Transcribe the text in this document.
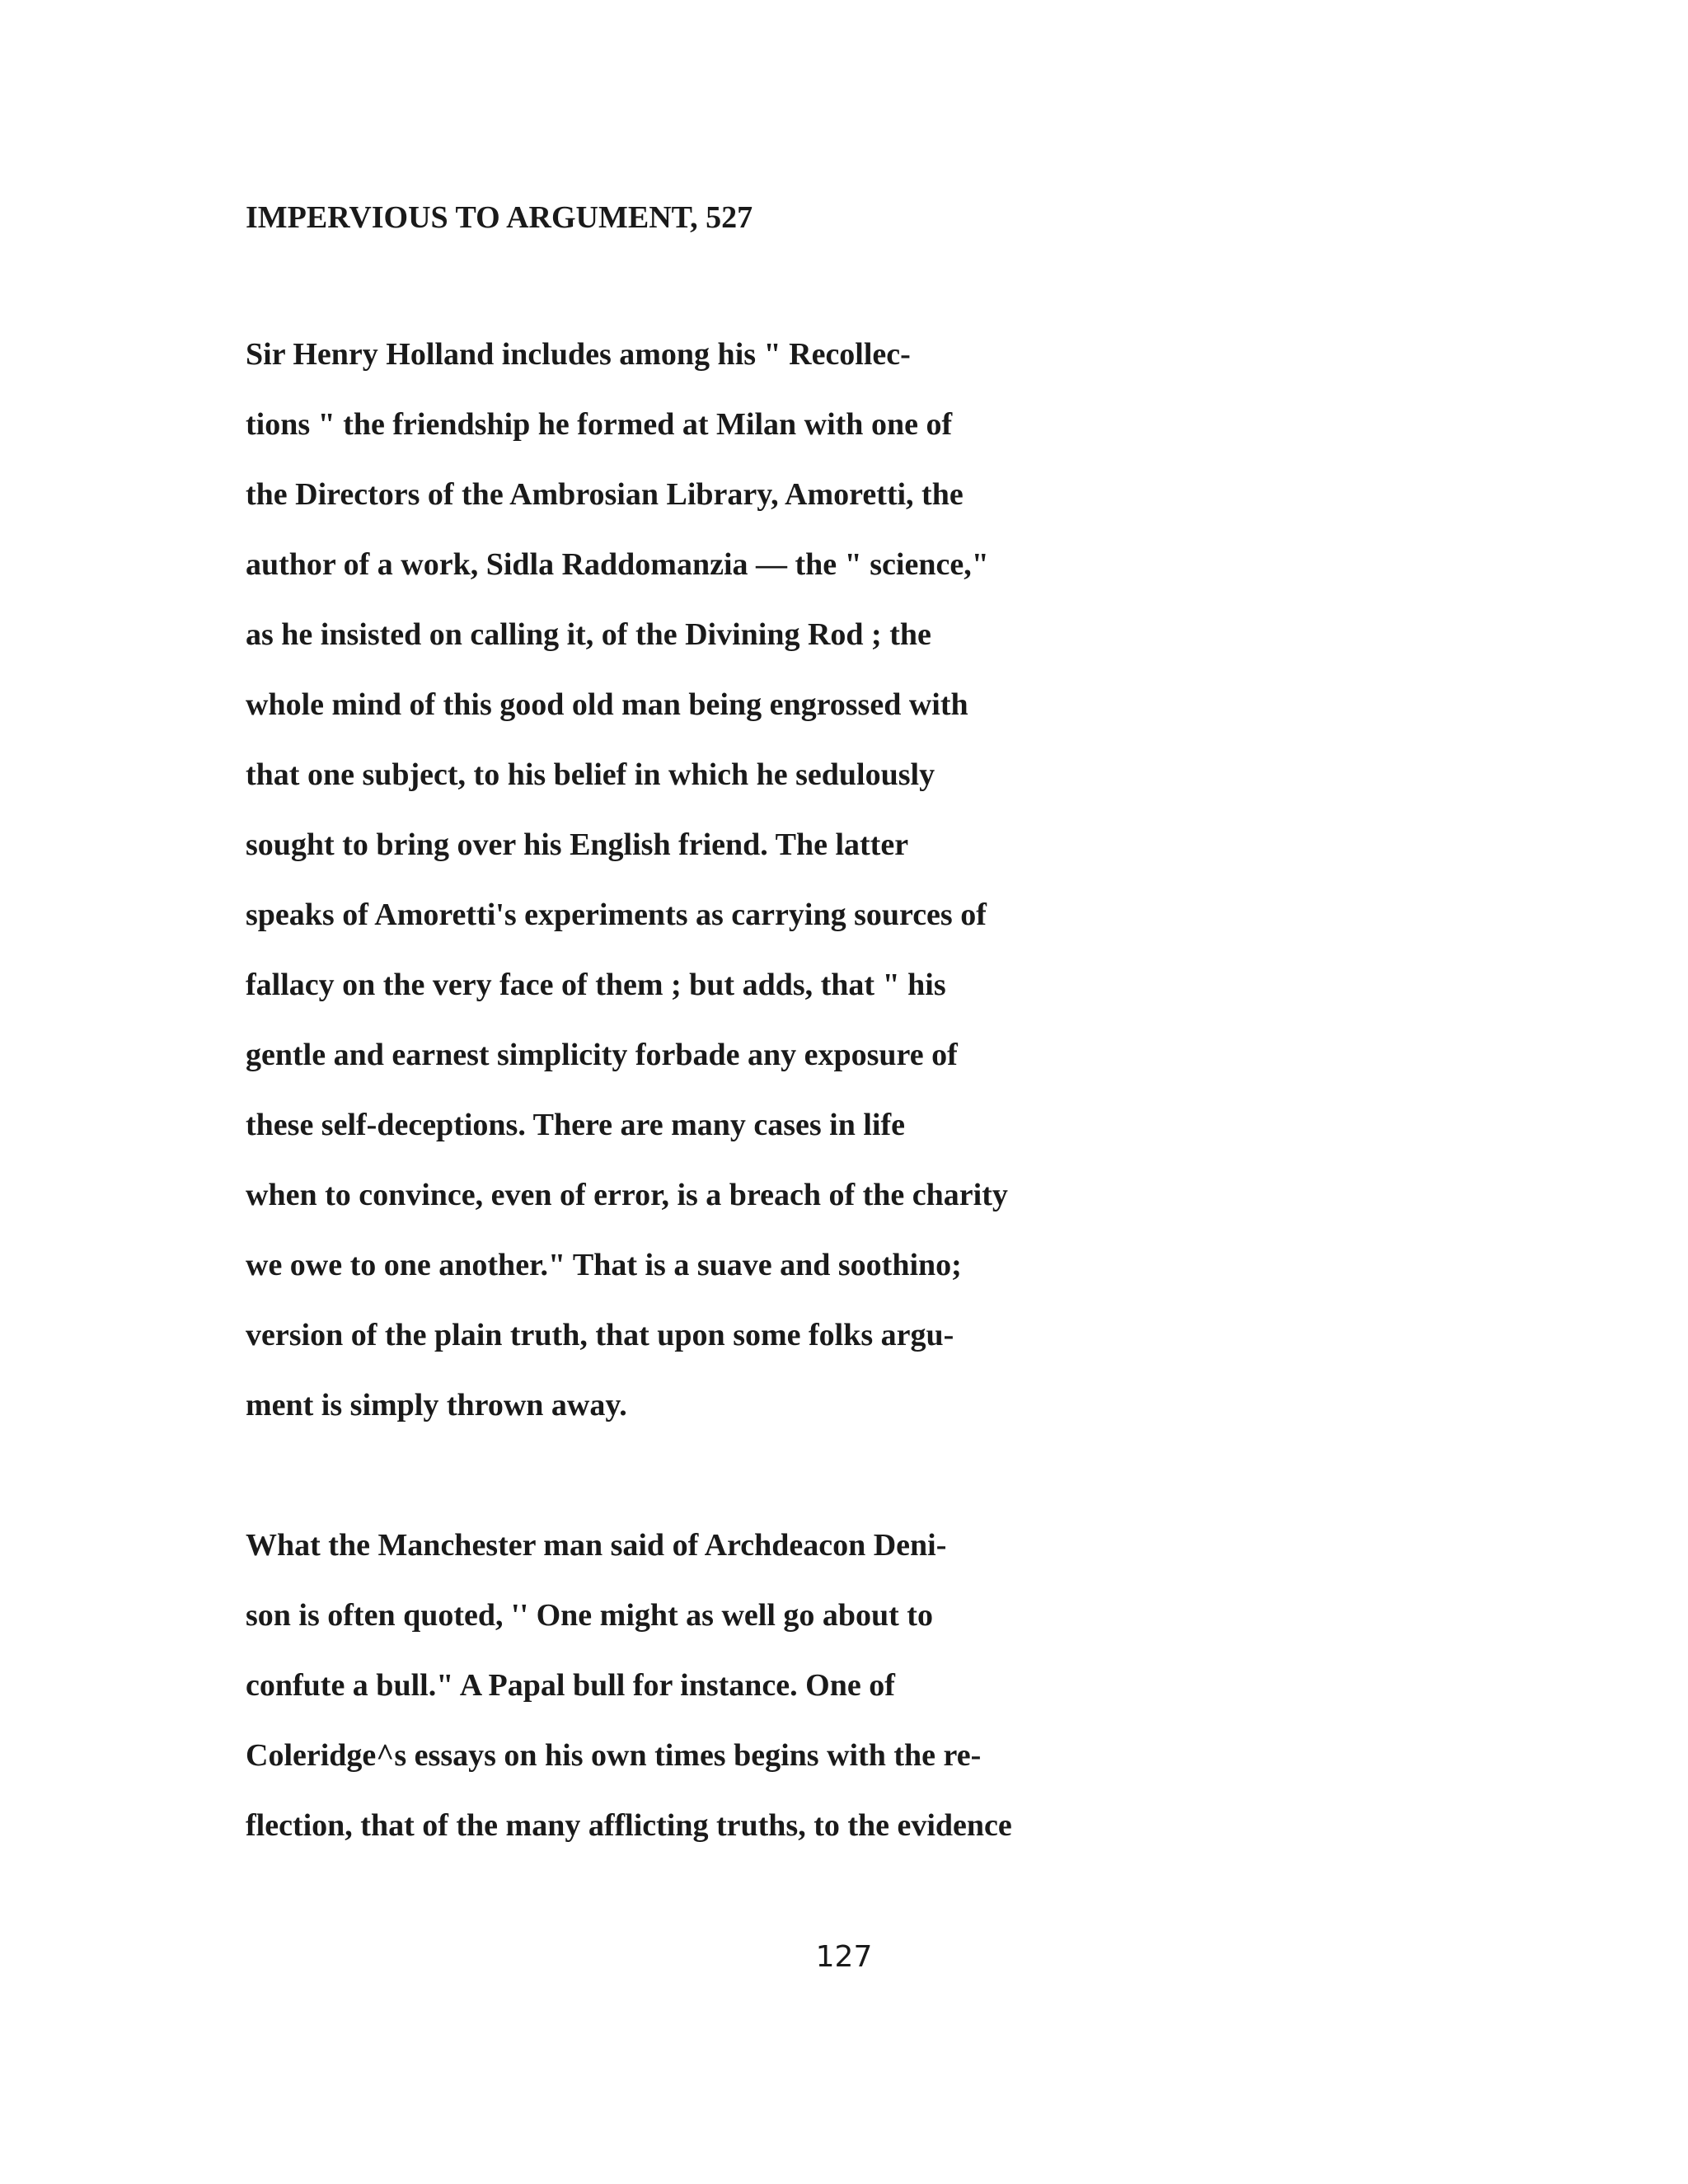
IMPERVIOUS TO ARGUMENT, 527
Sir Henry Holland includes among his " Recollec-
tions " the friendship he formed at Milan with one of
the Directors of the Ambrosian Library, Amoretti, the
author of a work, Sidla Raddomanzia — the " science,"
as he insisted on calling it, of the Divining Rod ; the
whole mind of this good old man being engrossed with
that one subject, to his belief in which he sedulously
sought to bring over his English friend. The latter
speaks of Amoretti's experiments as carrying sources of
fallacy on the very face of them ; but adds, that " his
gentle and earnest simplicity forbade any exposure of
these self-deceptions. There are many cases in life
when to convince, even of error, is a breach of the charity
we owe to one another." That is a suave and soothino;
version of the plain truth, that upon some folks argu-
ment is simply thrown away.
What the Manchester man said of Archdeacon Deni-
son is often quoted, '' One might as well go about to
confute a bull." A Papal bull for instance. One of
Coleridge^s essays on his own times begins with the re-
flection, that of the many afflicting truths, to the evidence
127
